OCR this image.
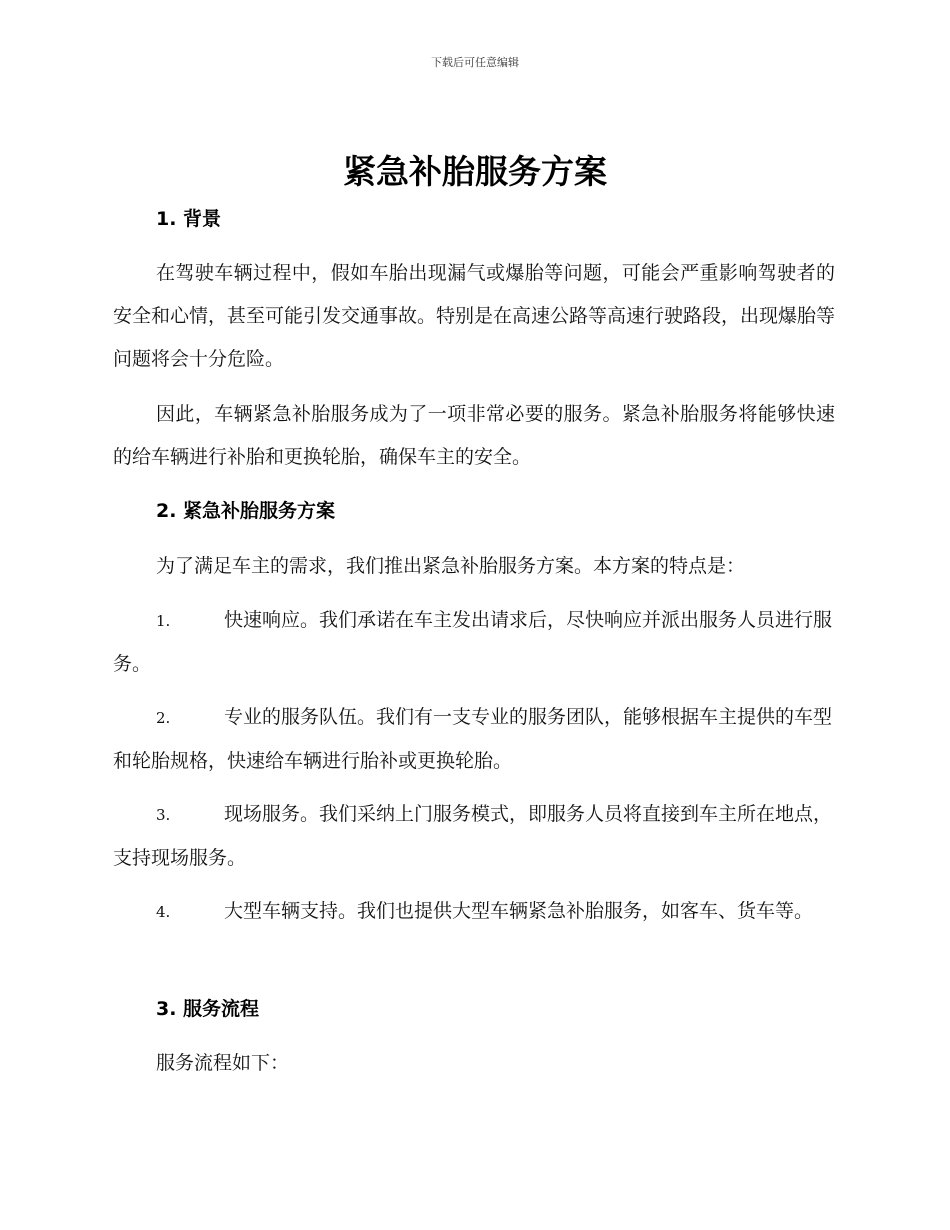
下载后可任意编辑
紧急补胎服务方案
1. 背景
在驾驶车辆过程中，假如车胎出现漏气或爆胎等问题，可能会严重影响驾驶者的安全和心情，甚至可能引发交通事故。特别是在高速公路等高速行驶路段，出现爆胎等问题将会十分危险。
因此，车辆紧急补胎服务成为了一项非常必要的服务。紧急补胎服务将能够快速的给车辆进行补胎和更换轮胎，确保车主的安全。
2. 紧急补胎服务方案
为了满足车主的需求，我们推出紧急补胎服务方案。本方案的特点是：
1.	快速响应。我们承诺在车主发出请求后，尽快响应并派出服务人员进行服务。
2.	专业的服务队伍。我们有一支专业的服务团队，能够根据车主提供的车型和轮胎规格，快速给车辆进行胎补或更换轮胎。
3.	现场服务。我们采纳上门服务模式，即服务人员将直接到车主所在地点，支持现场服务。
4.	大型车辆支持。我们也提供大型车辆紧急补胎服务，如客车、货车等。
3. 服务流程
服务流程如下：
